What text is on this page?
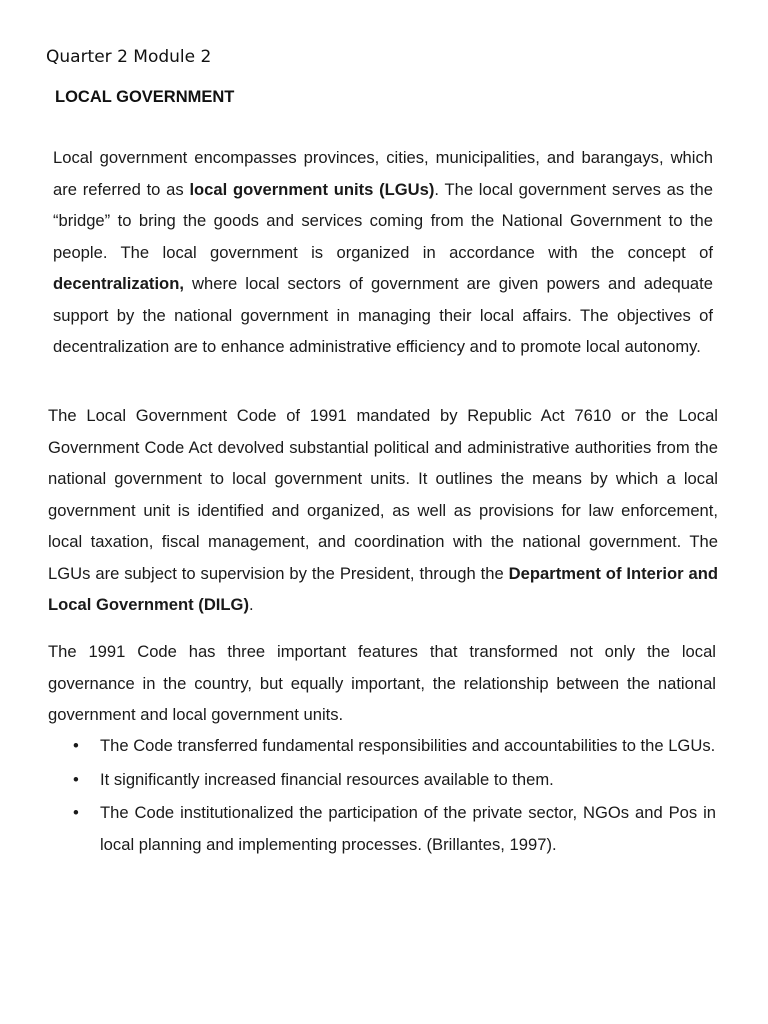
Quarter 2 Module 2
LOCAL GOVERNMENT

Local government encompasses provinces, cities, municipalities, and barangays, which are referred to as local government units (LGUs). The local government serves as the “bridge” to bring the goods and services coming from the National Government to the people. The local government is organized in accordance with the concept of decentralization, where local sectors of government are given powers and adequate support by the national government in managing their local affairs. The objectives of decentralization are to enhance administrative efficiency and to promote local autonomy.

The Local Government Code of 1991 mandated by Republic Act 7610 or the Local Government Code Act devolved substantial political and administrative authorities from the national government to local government units. It outlines the means by which a local government unit is identified and organized, as well as provisions for law enforcement, local taxation, fiscal management, and coordination with the national government. The LGUs are subject to supervision by the President, through the Department of Interior and Local Government (DILG).

The 1991 Code has three important features that transformed not only the local governance in the country, but equally important, the relationship between the national government and local government units.

• The Code transferred fundamental responsibilities and accountabilities to the LGUs.
• It significantly increased financial resources available to them.
• The Code institutionalized the participation of the private sector, NGOs and Pos in local planning and implementing processes. (Brillantes, 1997).
